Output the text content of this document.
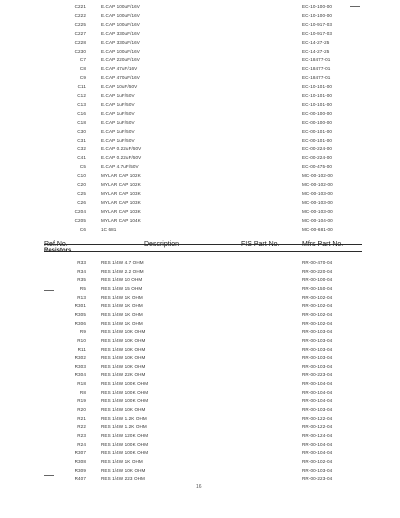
C221	E.CAP 100uF/16V	EC-10-100-00
C222	E.CAP 100uF/16V	EC-10-100-00
C225	E.CAP 100uF/16V	EC-10-917-03
C227	E.CAP 330uF/16V	EC-10-917-03
C228	E.CAP 330uF/16V	EC-14-27-25
C230	E.CAP 100uF/16V	EC-14-27-25
C7	E.CAP 220uF/16V	EC-18477-01
C8	E.CAP 47uF/16V	EC-18477-01
C9	E.CAP 470uF/16V	EC-18477-01
C11	E.CAP 10uF/50V	EC-10-101-00
C12	E.CAP 1uF/50V	EC-10-101-00
C13	E.CAP 1uF/50V	EC-10-101-00
C16	E.CAP 1uF/50V	EC-00-100-00
C18	E.CAP 1uF/50V	EC-00-100-00
C30	E.CAP 1uF/50V	EC-00-101-00
C31	E.CAP 1uF/50V	EC-00-101-00
C32	E.CAP 0.22uF/50V	EC-00-224-00
C41	E.CAP 0.22uF/50V	EC-00-224-00
C5	E.CAP 4.7uF/50V	EC-00-475-00
C10	MYLAR CAP 102K	MC-00-102-00
C20	MYLAR CAP 102K	MC-00-102-00
C25	MYLAR CAP 103K	MC-00-103-00
C26	MYLAR CAP 103K	MC-00-103-00
C204	MYLAR CAP 103K	MC-00-103-00
C205	MYLAR CAP 104K	MC-00-104-00
C6	1C 681	MC-00-681-00
Ref.No.	Description	FIS Part No.	Mfrs Part No.
Resistors
R33	RES 1/4W 4.7 OHM	RR-00-470-04
R34	RES 1/4W 2.2 OHM	RR-00-220-04
R35	RES 1/4W 10 OHM	RR-00-100-04
R5	RES 1/4W 15 OHM	RR-00-150-04
R13	RES 1/4W 1K OHM	RR-00-102-04
R301	RES 1/4W 1K OHM	RR-00-102-04
R305	RES 1/4W 1K OHM	RR-00-102-04
R306	RES 1/4W 1K OHM	RR-00-102-04
R9	RES 1/4W 10K OHM	RR-00-103-04
R10	RES 1/4W 10K OHM	RR-00-103-04
R11	RES 1/4W 10K OHM	RR-00-103-04
R302	RES 1/4W 10K OHM	RR-00-103-04
R303	RES 1/4W 10K OHM	RR-00-103-04
R304	RES 1/4W 22K OHM	RR-00-223-04
R18	RES 1/4W 100K OHM	RR-00-104-04
R8	RES 1/4W 100K OHM	RR-00-104-04
R19	RES 1/4W 100K OHM	RR-00-104-04
R20	RES 1/4W 10K OHM	RR-00-103-04
R21	RES 1/4W 1.2K OHM	RR-00-122-04
R22	RES 1/4W 1.2K OHM	RR-00-122-04
R23	RES 1/4W 120K OHM	RR-00-124-04
R24	RES 1/4W 100K OHM	RR-00-104-04
R307	RES 1/4W 100K OHM	RR-00-104-04
R308	RES 1/4W 1K OHM	RR-00-102-04
R309	RES 1/4W 10K OHM	RR-00-103-04
R407	RES 1/4W 223 OHM	RR-00-223-04
16
